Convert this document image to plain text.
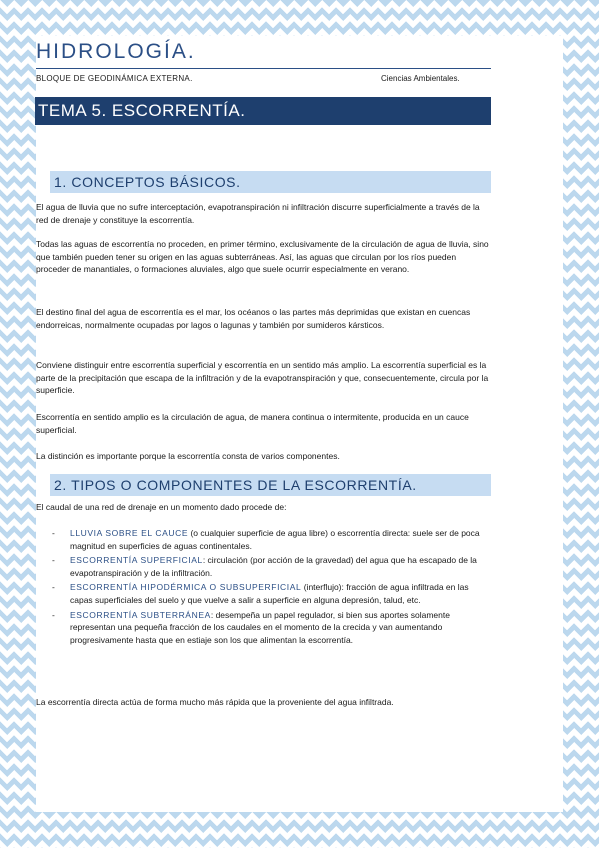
HIDROLOGÍA.
BLOQUE DE GEODINÁMICA EXTERNA.	Ciencias Ambientales.
TEMA 5. ESCORRENTÍA.
1. CONCEPTOS BÁSICOS.

El agua de lluvia que no sufre interceptación, evapotranspiración ni infiltración discurre superficialmente a través de la red de drenaje y constituye la escorrentía.

Todas las aguas de escorrentía no proceden, en primer término, exclusivamente de la circulación de agua de lluvia, sino que también pueden tener su origen en las aguas subterráneas. Así, las aguas que circulan por los ríos pueden proceder de manantiales, o formaciones aluviales, algo que suele ocurrir especialmente en verano.

El destino final del agua de escorrentía es el mar, los océanos o las partes más deprimidas que existan en cuencas endorreicas, normalmente ocupadas por lagos o lagunas y también por sumideros kársticos.

Conviene distinguir entre escorrentía superficial y escorrentía en un sentido más amplio. La escorrentía superficial es la parte de la precipitación que escapa de la infiltración y de la evapotranspiración y que, consecuentemente, circula por la superficie.

Escorrentía en sentido amplio es la circulación de agua, de manera continua o intermitente, producida en un cauce superficial.

La distinción es importante porque la escorrentía consta de varios componentes.

2. TIPOS O COMPONENTES DE LA ESCORRENTÍA.

El caudal de una red de drenaje en un momento dado procede de:

- LLUVIA SOBRE EL CAUCE (o cualquier superficie de agua libre) o escorrentía directa: suele ser de poca magnitud en superficies de aguas continentales.
- ESCORRENTÍA SUPERFICIAL: circulación (por acción de la gravedad) del agua que ha escapado de la evapotranspiración y de la infiltración.
- ESCORRENTÍA HIPODÉRMICA O SUBSUPERFICIAL (interflujo): fracción de agua infiltrada en las capas superficiales del suelo y que vuelve a salir a superficie en alguna depresión, talud, etc.
- ESCORRENTÍA SUBTERRÁNEA: desempeña un papel regulador, si bien sus aportes solamente representan una pequeña fracción de los caudales en el momento de la crecida y van aumentando progresivamente hasta que en estiaje son los que alimentan la escorrentía.

La escorrentía directa actúa de forma mucho más rápida que la proveniente del agua infiltrada.
